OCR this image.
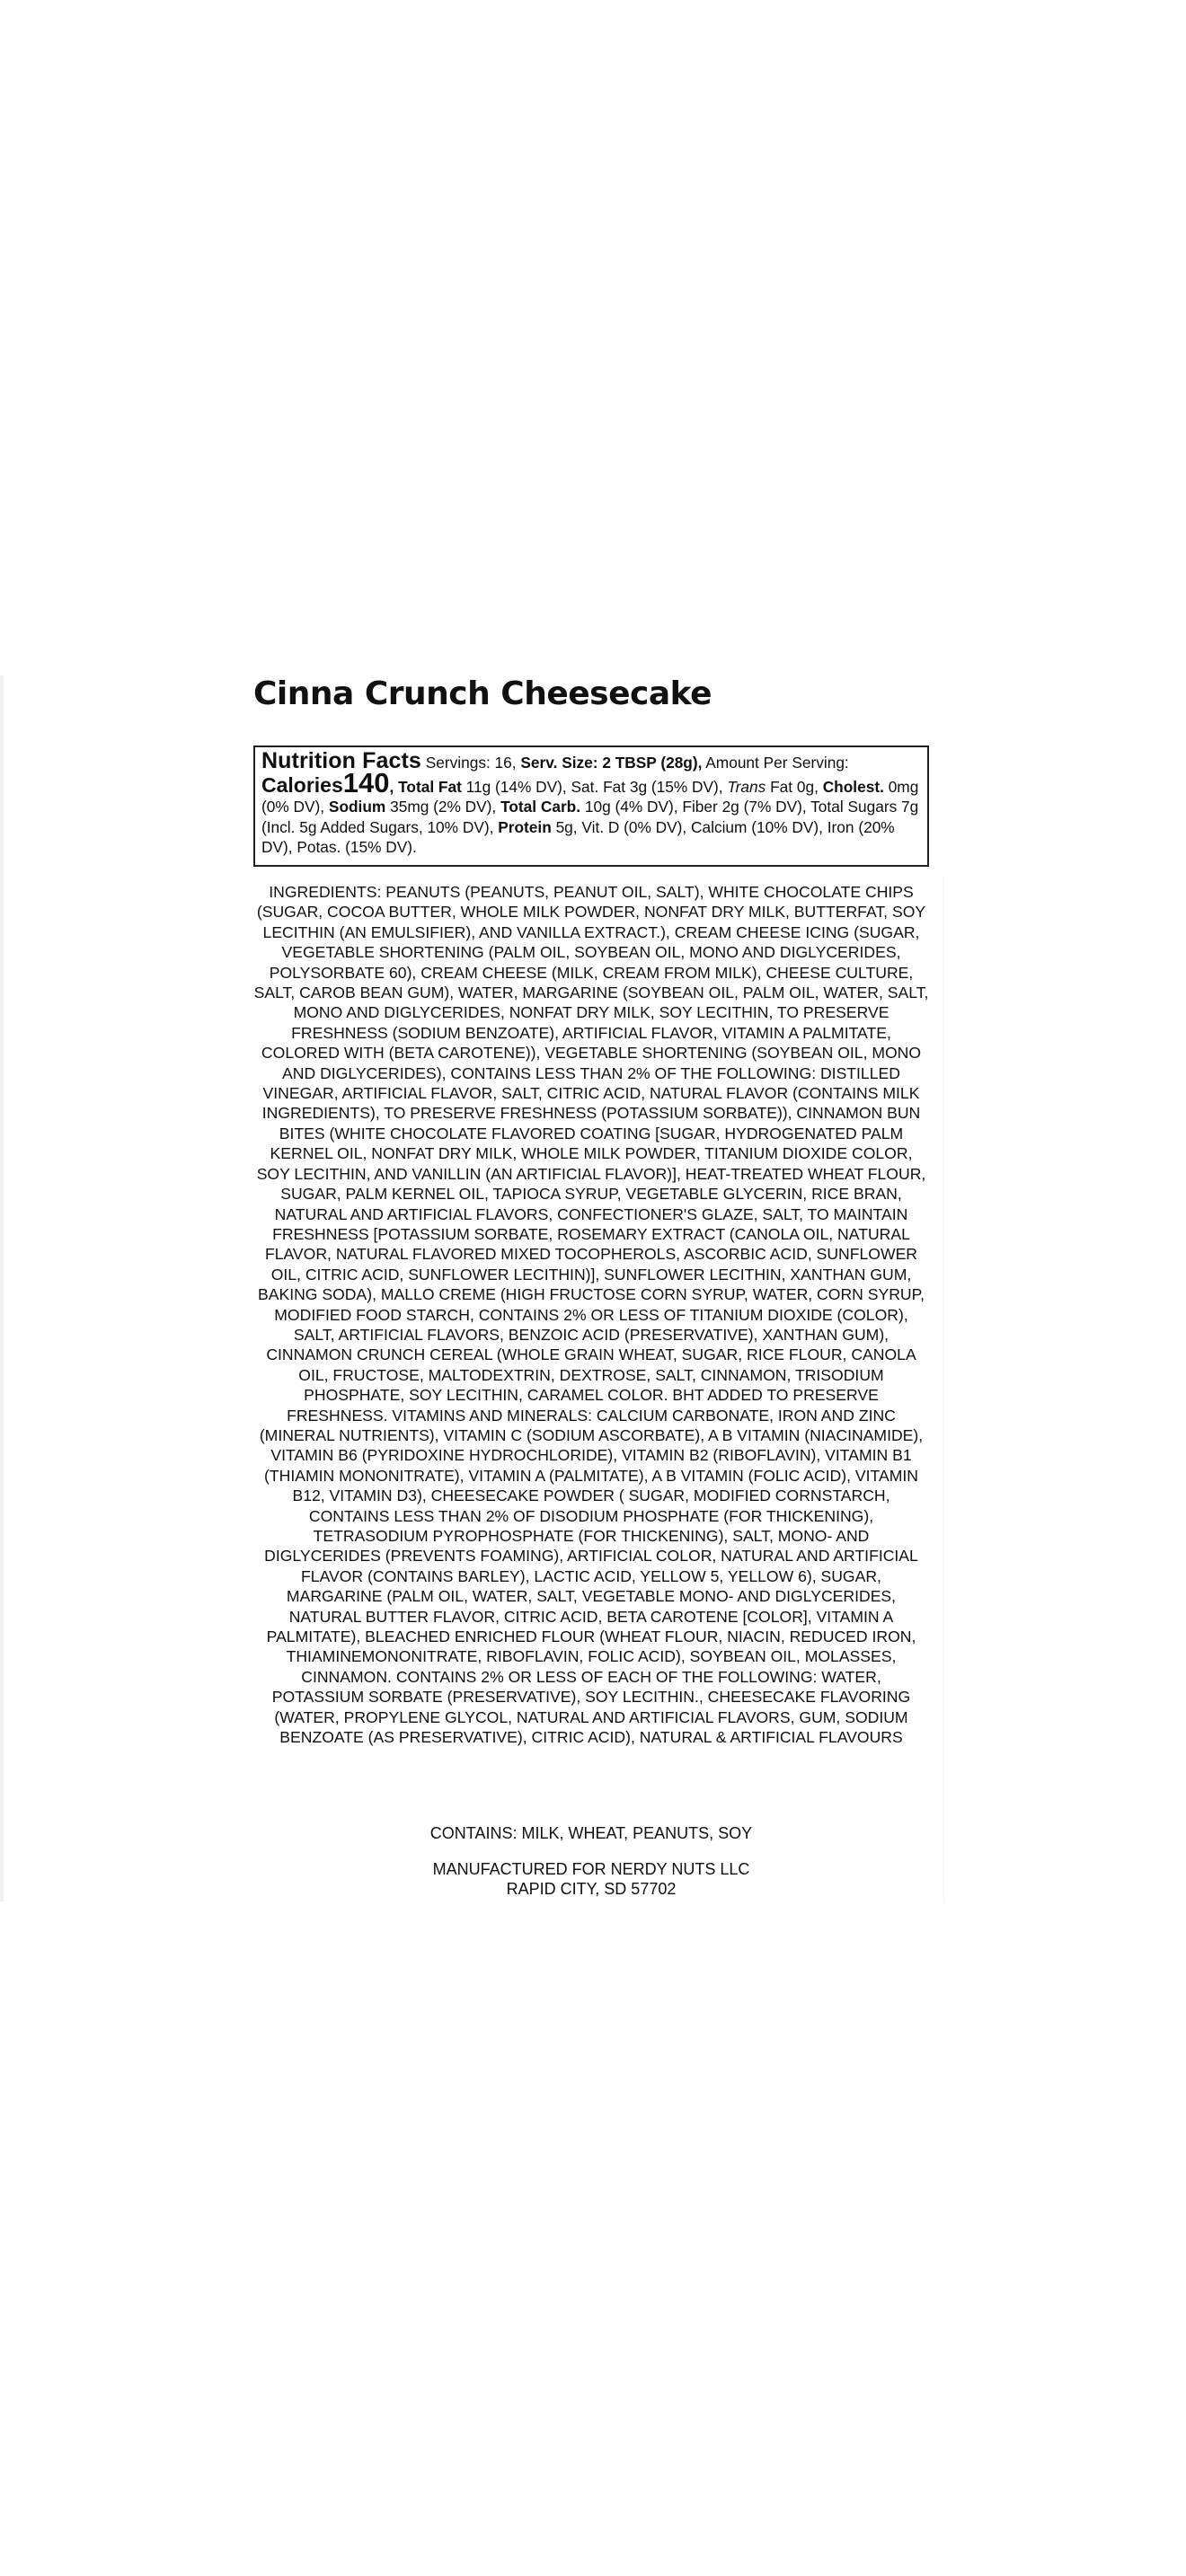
Cinna Crunch Cheesecake
Nutrition Facts Servings: 16, Serv. Size: 2 TBSP (28g), Amount Per Serving: Calories140, Total Fat 11g (14% DV), Sat. Fat 3g (15% DV), Trans Fat 0g, Cholest. 0mg (0% DV), Sodium 35mg (2% DV), Total Carb. 10g (4% DV), Fiber 2g (7% DV), Total Sugars 7g (Incl. 5g Added Sugars, 10% DV), Protein 5g, Vit. D (0% DV), Calcium (10% DV), Iron (20% DV), Potas. (15% DV).

INGREDIENTS: PEANUTS (PEANUTS, PEANUT OIL, SALT), WHITE CHOCOLATE CHIPS (SUGAR, COCOA BUTTER, WHOLE MILK POWDER, NONFAT DRY MILK, BUTTERFAT, SOY LECITHIN (AN EMULSIFIER), AND VANILLA EXTRACT.), CREAM CHEESE ICING (SUGAR, VEGETABLE SHORTENING (PALM OIL, SOYBEAN OIL, MONO AND DIGLYCERIDES, POLYSORBATE 60), CREAM CHEESE (MILK, CREAM FROM MILK), CHEESE CULTURE, SALT, CAROB BEAN GUM), WATER, MARGARINE (SOYBEAN OIL, PALM OIL, WATER, SALT, MONO AND DIGLYCERIDES, NONFAT DRY MILK, SOY LECITHIN, TO PRESERVE FRESHNESS (SODIUM BENZOATE), ARTIFICIAL FLAVOR, VITAMIN A PALMITATE, COLORED WITH (BETA CAROTENE)), VEGETABLE SHORTENING (SOYBEAN OIL, MONO AND DIGLYCERIDES), CONTAINS LESS THAN 2% OF THE FOLLOWING: DISTILLED VINEGAR, ARTIFICIAL FLAVOR, SALT, CITRIC ACID, NATURAL FLAVOR (CONTAINS MILK INGREDIENTS), TO PRESERVE FRESHNESS (POTASSIUM SORBATE)), CINNAMON BUN BITES (WHITE CHOCOLATE FLAVORED COATING [SUGAR, HYDROGENATED PALM KERNEL OIL, NONFAT DRY MILK, WHOLE MILK POWDER, TITANIUM DIOXIDE COLOR, SOY LECITHIN, AND VANILLIN (AN ARTIFICIAL FLAVOR)], HEAT-TREATED WHEAT FLOUR, SUGAR, PALM KERNEL OIL, TAPIOCA SYRUP, VEGETABLE GLYCERIN, RICE BRAN, NATURAL AND ARTIFICIAL FLAVORS, CONFECTIONER'S GLAZE, SALT, TO MAINTAIN FRESHNESS [POTASSIUM SORBATE, ROSEMARY EXTRACT (CANOLA OIL, NATURAL FLAVOR, NATURAL FLAVORED MIXED TOCOPHEROLS, ASCORBIC ACID, SUNFLOWER OIL, CITRIC ACID, SUNFLOWER LECITHIN)], SUNFLOWER LECITHIN, XANTHAN GUM, BAKING SODA), MALLO CREME (HIGH FRUCTOSE CORN SYRUP, WATER, CORN SYRUP, MODIFIED FOOD STARCH, CONTAINS 2% OR LESS OF TITANIUM DIOXIDE (COLOR), SALT, ARTIFICIAL FLAVORS, BENZOIC ACID (PRESERVATIVE), XANTHAN GUM), CINNAMON CRUNCH CEREAL (WHOLE GRAIN WHEAT, SUGAR, RICE FLOUR, CANOLA OIL, FRUCTOSE, MALTODEXTRIN, DEXTROSE, SALT, CINNAMON, TRISODIUM PHOSPHATE, SOY LECITHIN, CARAMEL COLOR. BHT ADDED TO PRESERVE FRESHNESS. VITAMINS AND MINERALS: CALCIUM CARBONATE, IRON AND ZINC (MINERAL NUTRIENTS), VITAMIN C (SODIUM ASCORBATE), A B VITAMIN (NIACINAMIDE), VITAMIN B6 (PYRIDOXINE HYDROCHLORIDE), VITAMIN B2 (RIBOFLAVIN), VITAMIN B1 (THIAMIN MONONITRATE), VITAMIN A (PALMITATE), A B VITAMIN (FOLIC ACID), VITAMIN B12, VITAMIN D3), CHEESECAKE POWDER ( SUGAR, MODIFIED CORNSTARCH, CONTAINS LESS THAN 2% OF DISODIUM PHOSPHATE (FOR THICKENING), TETRASODIUM PYROPHOSPHATE (FOR THICKENING), SALT, MONO- AND DIGLYCERIDES (PREVENTS FOAMING), ARTIFICIAL COLOR, NATURAL AND ARTIFICIAL FLAVOR (CONTAINS BARLEY), LACTIC ACID, YELLOW 5, YELLOW 6), SUGAR, MARGARINE (PALM OIL, WATER, SALT, VEGETABLE MONO- AND DIGLYCERIDES, NATURAL BUTTER FLAVOR, CITRIC ACID, BETA CAROTENE [COLOR], VITAMIN A PALMITATE), BLEACHED ENRICHED FLOUR (WHEAT FLOUR, NIACIN, REDUCED IRON, THIAMINEMONONITRATE, RIBOFLAVIN, FOLIC ACID), SOYBEAN OIL, MOLASSES, CINNAMON. CONTAINS 2% OR LESS OF EACH OF THE FOLLOWING: WATER, POTASSIUM SORBATE (PRESERVATIVE), SOY LECITHIN., CHEESECAKE FLAVORING (WATER, PROPYLENE GLYCOL, NATURAL AND ARTIFICIAL FLAVORS, GUM, SODIUM BENZOATE (AS PRESERVATIVE), CITRIC ACID), NATURAL & ARTIFICIAL FLAVOURS

CONTAINS: MILK, WHEAT, PEANUTS, SOY

MANUFACTURED FOR NERDY NUTS LLC
RAPID CITY, SD 57702
